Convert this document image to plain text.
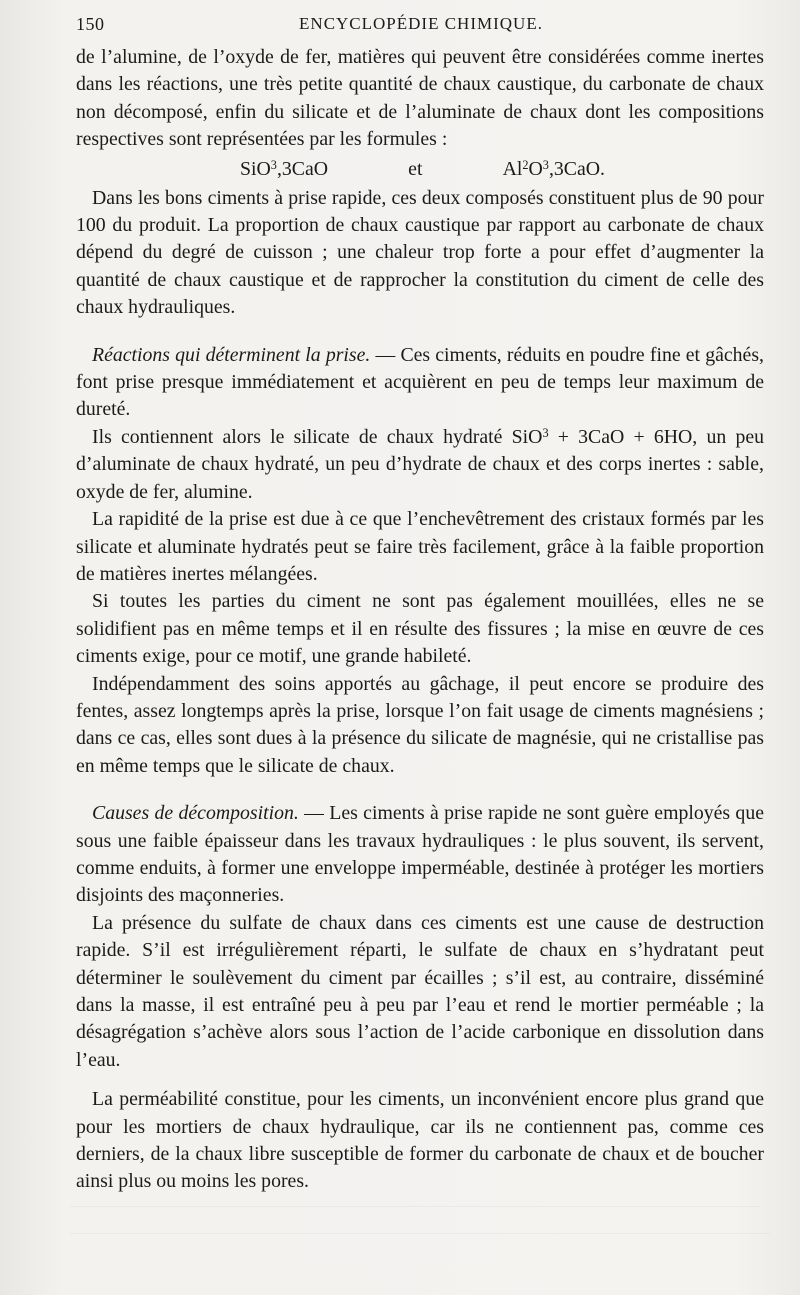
150	ENCYCLOPÉDIE CHIMIQUE.

de l’alumine, de l’oxyde de fer, matières qui peuvent être considérées comme inertes dans les réactions, une très petite quantité de chaux caustique, du carbonate de chaux non décomposé, enfin du silicate et de l’aluminate de chaux dont les compositions respectives sont représentées par les formules :

SiO$^3$,3CaO	et	$Al^2O^3,3CaO$.

Dans les bons ciments à prise rapide, ces deux composés constituent plus de 90 pour 100 du produit. La proportion de chaux caustique par rapport au carbonate de chaux dépend du degré de cuisson ; une chaleur trop forte a pour effet d’augmenter la quantité de chaux caustique et de rapprocher la constitution du ciment de celle des chaux hydrauliques.

Réactions qui déterminent la prise. — Ces ciments, réduits en poudre fine et gâchés, font prise presque immédiatement et acquièrent en peu de temps leur maximum de dureté.

Ils contiennent alors le silicate de chaux hydraté SiO$^3$ + 3CaO + 6HO, un peu d’aluminate de chaux hydraté, un peu d’hydrate de chaux et des corps inertes : sable, oxyde de fer, alumine.

La rapidité de la prise est due à ce que l’enchevêtrement des cristaux formés par les silicate et aluminate hydratés peut se faire très facilement, grâce à la faible proportion de matières inertes mélangées.

Si toutes les parties du ciment ne sont pas également mouillées, elles ne se solidifient pas en même temps et il en résulte des fissures ; la mise en œuvre de ces ciments exige, pour ce motif, une grande habileté.

Indépendamment des soins apportés au gâchage, il peut encore se produire des fentes, assez longtemps après la prise, lorsque l’on fait usage de ciments magnésiens ; dans ce cas, elles sont dues à la présence du silicate de magnésie, qui ne cristallise pas en même temps que le silicate de chaux.

Causes de décomposition. — Les ciments à prise rapide ne sont guère employés que sous une faible épaisseur dans les travaux hydrauliques : le plus souvent, ils servent, comme enduits, à former une enveloppe imperméable, destinée à protéger les mortiers disjoints des maçonneries.

La présence du sulfate de chaux dans ces ciments est une cause de destruction rapide. S’il est irrégulièrement réparti, le sulfate de chaux en s’hydratant peut déterminer le soulèvement du ciment par écailles ; s’il est, au contraire, disséminé dans la masse, il est entraîné peu à peu par l’eau et rend le mortier perméable ; la désagrégation s’achève alors sous l’action de l’acide carbonique en dissolution dans l’eau.

La perméabilité constitue, pour les ciments, un inconvénient encore plus grand que pour les mortiers de chaux hydraulique, car ils ne contiennent pas, comme ces derniers, de la chaux libre susceptible de former du carbonate de chaux et de boucher ainsi plus ou moins les pores.
